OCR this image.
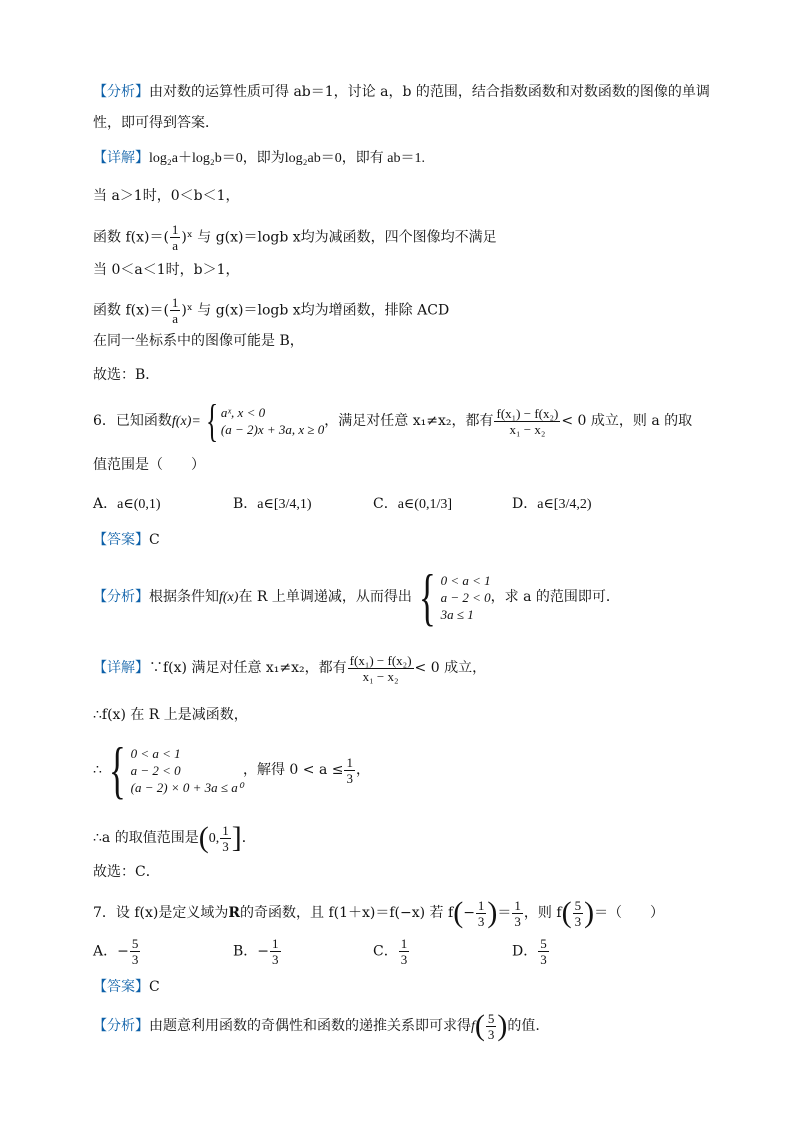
【分析】由对数的运算性质可得 ab＝1，讨论 a，b 的范围，结合指数函数和对数函数的图像的单调
性，即可得到答案．
【详解】log₂a＋log₂b＝0，即为log₂ab＝0，即有 ab＝1.
当 a＞1时，0＜b＜1，
函数 $f(x)=( \frac{1}{a}$ )ˣ 与 g(x)＝logb x均为减函数，四个图像均不满足
当 0＜a＜1时，b＞1，
函数 $f(x)=( \frac{1}{a}$ )ˣ 与 g(x)＝logb x均为增函数，排除 ACD
在同一坐标系中的图像可能是 B，
故选：B．
6．已知函数f(x)= { aˣ, x < 0
(a − 2)x + 3a, x ≥ 0
，满足对任意 x₁≠x₂，都有 $\frac{\text{f(x₁) − f(x₂)}}{\text{x₁ − x₂}} < 0$ 成立，则 a 的取
值范围是（　　）
A．a∈(0,1)	B．a∈[3/4,1)	C．a∈(0,1/3]	D．a∈[3/4,2)
【答案】C
【分析】根据条件知f(x)在 R 上单调递减，从而得出 { 0 < a < 1
a − 2 < 0
3a ≤ 1
，求 a 的范围即可．
【详解】∵f(x) 满足对任意 x₁≠x₂，都有 $\frac{\text{f(x₁) − f(x₂)}}{\text{x₁ − x₂}} < 0$ 成立，
∴f(x) 在 R 上是减函数，
∴ { 0 < a < 1
a − 2 < 0
(a − 2) × 0 + 3a ≤ a⁰
，解得 $0 < a \le \frac{1}{3}$ ，
∴a 的取值范围是(0, $\frac{1}{3}$ ]．
故选：C．
7．设 f(x)是定义域为R的奇函数，且 f(1＋x)＝f(−x) 若 $f(- \frac{1}{3}$ )＝ $\frac{1}{3}$ ，则 $f( \frac{5}{3}$ )＝（　　）
A．− $\frac{5}{3}$	B．− $\frac{1}{3}$	C． $\frac{1}{3}$	D． $\frac{5}{3}$
【答案】C
【分析】由题意利用函数的奇偶性和函数的递推关系即可求得$f( \frac{5}{3}$ )的值.
